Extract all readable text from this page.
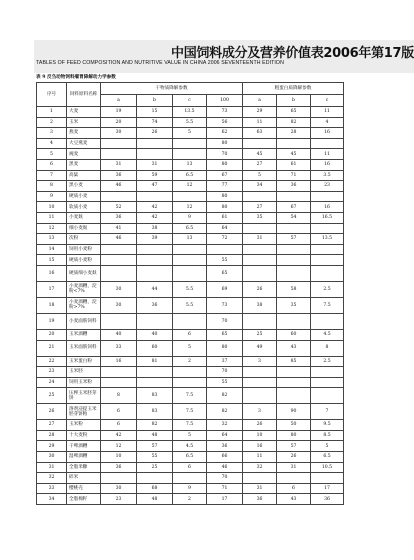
中国饲料成分及营养价值表2006年第17版
TABLES OF FEED COMPOSITION AND NUTRITIVE VALUE IN CHINA 2006 SEVENTEENTH EDITION
表 9 反刍动物饲料瘤胃降解动力学参数
序号	饲料原料名称	干物质降解参数				粗蛋白质降解参数		
		a	b	c	100	a	b	c
1	大麦	19	15	13.5	73	29	65	11
2	玉米	20	74	5.5	56	11	82	4
3	燕麦	30	26	5	62	63	28	16
4	大豆燕麦				80			
5	豌麦				70	45	45	11
6	黑麦	31	31	13	80	27	61	16
7	高粱	36	59	6.5	67	5	71	3.5
8	黑小麦	46	47	12	77	34	36	23
9	硬质小麦				80			
10	软质小麦	52	42	12	80	27	67	16
11	小麦麸	36	42	9	61	35	54	16.5
12	细小麦麸	41	38	6.5	64			
13	次粉	46	39	13	72	31	57	13.5
14	饲用小麦粉							
15	硬质小麦粉				55			
16	硬质细小麦麸				65			
17	小麦酒糟，淀粉<7%	30	44	5.5	69	26	58	2.5
18	小麦酒糟，淀粉>7%	30	36	5.5	73	38	35	7.5
19	小麦面筋饲料				70			
20	玉米酒糟	40	40	6	65	25	60	4.5
21	玉米面筋饲料	33	60	5	80	49	43	8
22	玉米蛋白粉	16	81	2	37	3	85	2.5
23	玉米胚				70			
24	饲用玉米粉				55			
25	压榨玉米胚芽饼	8	83	7.5	82			
26	溶剂浸提玉米胚芽饼粕	6	83	7.5	82	3	90	7
27	玉米粉	6	82	7.5	32	26	50	9.5
28	十大麦粉	42	48	5	64	10	80	8.5
29	干啤酒糟	12	57	4.5	36	16	57	5
30	湿啤酒糟	10	55	6.5	66	11	26	6.5
31	全脂米糠	36	25	6	46	32	31	10.5
32	碎米				70			
33	樱桃壳	30	68	9	71	31	6	17
34	全脂棉籽	23	48	2	17	36	43	36
